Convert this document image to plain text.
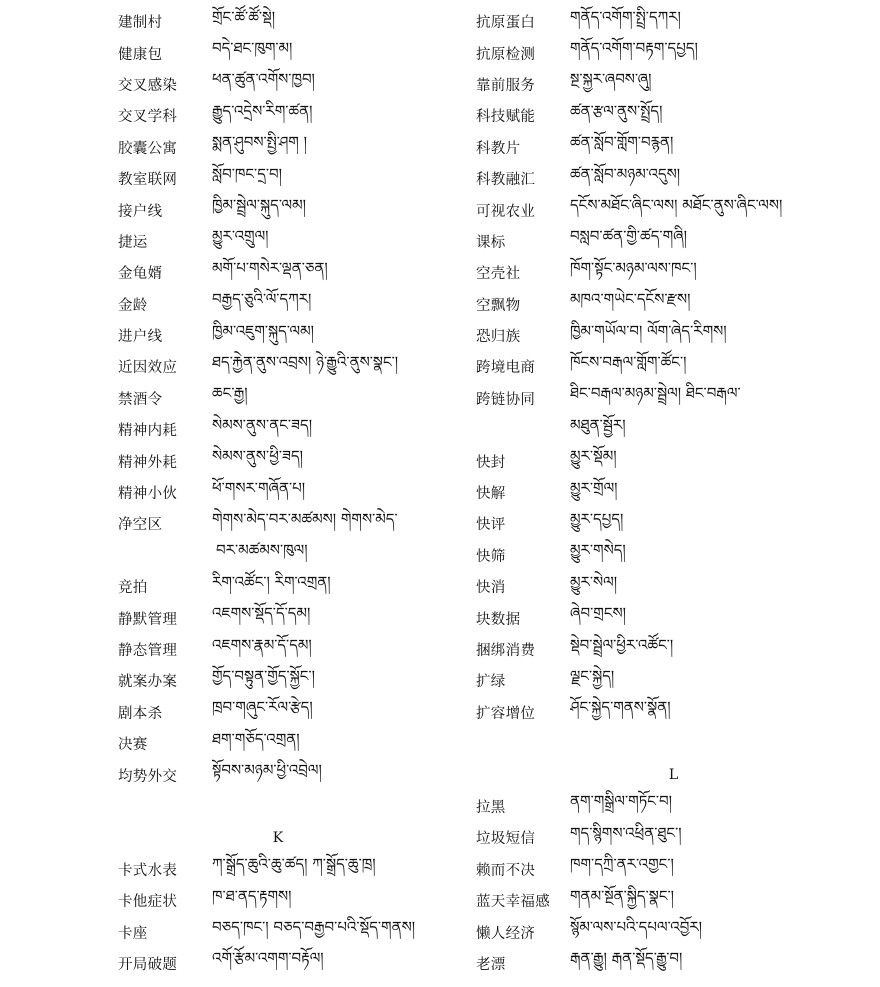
建制村	གྲོང་ཚོ་ཚོ་སྡེ།
健康包	བདེ་ཐང་ཁུག་མ།
交叉感染	ཕན་ཚུན་འགོས་ཁྱབ།
交叉学科	རྒྱུད་འདྲེས་རིག་ཚན།
胶囊公寓	སྨན་ཤུབས་སྤྱི་ཤག །
教室联网	སློབ་ཁང་དྲ་བ།
接户线	ཁྱིམ་སྦྲེལ་སྐུད་ལམ།
捷运	མྱུར་འགྲུལ།
金龟婿	མགོ་པ་གསེར་ལྡན་ཅན།
金龄	བརྒྱད་ཅུའི་ལོ་དཀར།
进户线	ཁྱིམ་འཇུག་སྐུད་ལམ།
近因效应	ཐད་རྐྱེན་ནུས་འབྲས། ཉེ་རྒྱུའི་ནུས་སྣང་།
禁酒令	ཆང་རྒྱ།
精神内耗	སེམས་ནུས་ནང་ཟད།
精神外耗	སེམས་ནུས་ཕྱི་ཟད།
精神小伙	ཕོ་གསར་གཞོན་པ།
净空区	གེགས་མེད་བར་མཚམས། གེགས་མེད་
བར་མཚམས་ཁུལ།
竞拍	རིག་འཚོང་། རིག་འགྲན།
静默管理	འཇགས་སྡོད་དོ་དམ།
静态管理	འཇགས་རྣམ་དོ་དམ།
就案办案	གྱོད་བསྟུན་གྱོད་སྐྱོང་།
剧本杀	ཁྲབ་གཞུང་རོལ་རྩེད།
决赛	ཐག་གཅོད་འགྲན།
均势外交	སྟོབས་མཉམ་ཕྱི་འབྲེལ།
K
卡式水表	ཀ་སྒྲོད་ཆུའི་ཆུ་ཚད། ཀ་སྒྲོད་ཆུ་ཁྲ།
卡他症状	ཁ་ཐ་ནད་རྟགས།
卡座	བཅད་ཁང་། བཅད་བརྒྱབ་པའི་སྡོད་གནས།
开局破题	འགོ་རྩོམ་འགག་བརྟོལ།
抗原蛋白	གནོད་འགོག་སྤྲི་དཀར།
抗原检测	གནོད་འགོག་བརྟག་དཔྱད།
靠前服务	སྔ་སྐྱར་ཞབས་ཞུ།
科技赋能	ཚན་རྩལ་ནུས་སྤྲོད།
科教片	ཚན་སློབ་གློག་བརྙན།
科教融汇	ཚན་སློབ་མཉམ་འདུས།
可视农业	དངོས་མཐོང་ཞིང་ལས། མཐོང་ནུས་ཞིང་ལས།
课标	བསླབ་ཚན་གྱི་ཚད་གཞི།
空壳社	ཁོག་སྟོང་མཉམ་ལས་ཁང་།
空飘物	མཁའ་གཡེང་དངོས་རྫས།
恐归族	ཁྱིམ་གཡོལ་བ། ལོག་ཞེད་རིགས།
跨境电商	ཁོངས་བརྒལ་གློག་ཚོང་།
跨链协同	ཐིང་བརྒལ་མཉམ་སྦྲེལ། ཐིང་བརྒལ་
མཐུན་སྦྱོར།
快封	མྱུར་སྡོམ།
快解	མྱུར་གྲོལ།
快评	མྱུར་དཔྱད།
快筛	མྱུར་གསེད།
快消	མྱུར་སེལ།
块数据	ཞེབ་གྲངས།
捆绑消费	སྡེབ་སྦྲེལ་ཕྱིར་འཚོང་།
扩绿	ལྗང་སྐྱེད།
扩容增位	ཤོང་སྐྱེད་གནས་སྣོན།
L
拉黑	ནག་གསྒྲིལ་གཏོང་བ།
垃圾短信	གད་སྙིགས་འཕྲིན་ཐུང་།
赖而不决	ཁག་དཀྲི་ནར་འགྱང་།
蓝天幸福感	གནམ་སྔོན་སྐྱིད་སྣང་།
懒人经济	སྙོམ་ལས་པའི་དཔལ་འབྱོར།
老漂	རྒན་རྒྱུ། རྒན་སྡོད་རྒྱུ་བ།
